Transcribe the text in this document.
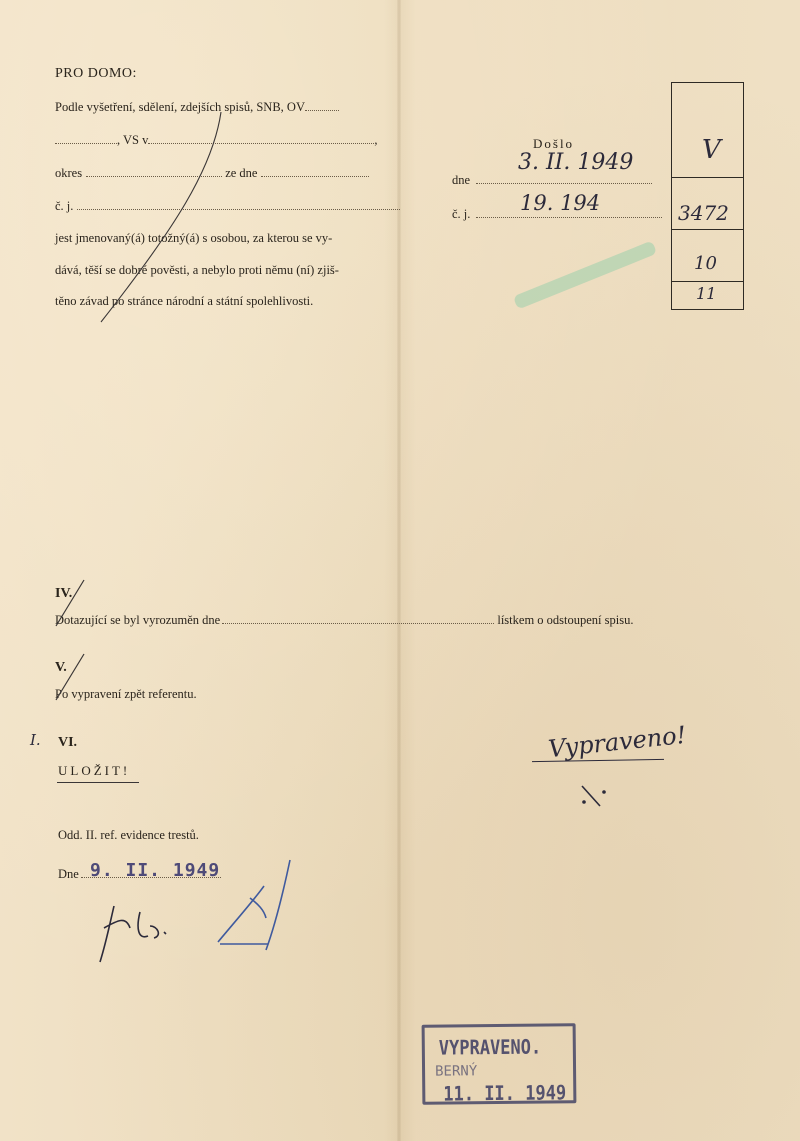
PRO DOMO:
Podle vyšetření, sdělení, zdejších spisů, SNB, OV
, VS v	,
okres	ze dne
č. j.
jest jmenovaný(á) totožný(á) s osobou, za kterou se vy-
dává, těší se dobré pověsti, a nebylo proti němu (ní) zjiš-
těno závad po stránce národní a státní spolehlivosti.
Došlo
dne
3. II. 1949
č. j.	19. 194
V
3472
10
11
IV.
Dotazující se byl vyrozuměn dne	lístkem o odstoupení spisu.
V.
Po vypravení zpět referentu.
I. VI.
ULOŽIT!
Vypraveno!
Odd. II. ref. evidence trestů.
Dne 9. II. 1949
VYPRAVENO.
BERNÝ
11. II. 1949
